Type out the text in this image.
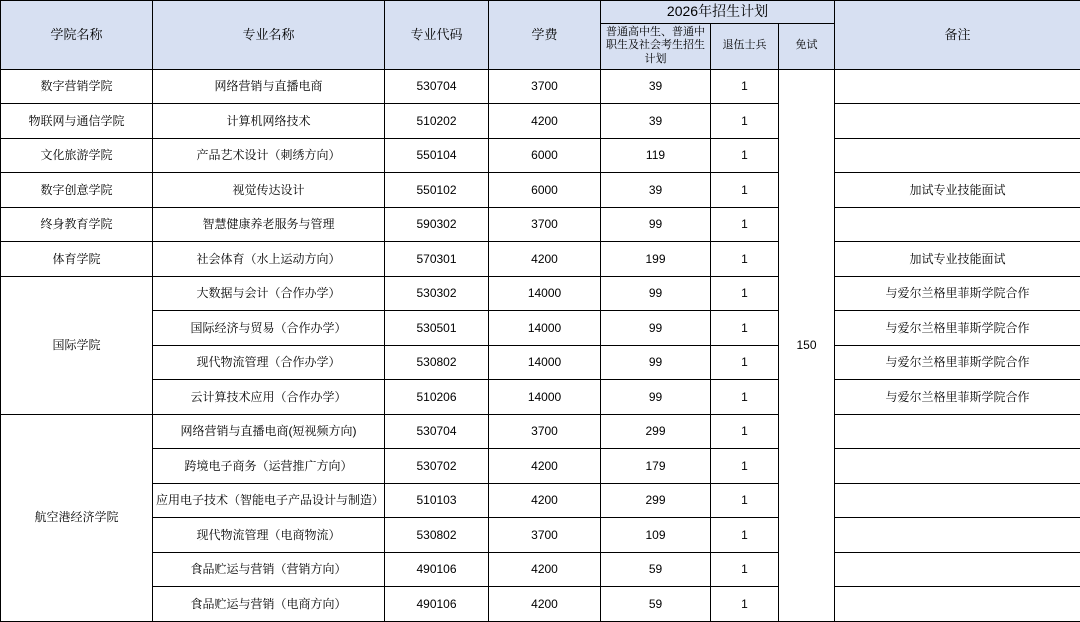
学院名称	专业名称	专业代码	学费	2026年招生计划			备注
				普通高中生、普通中职生及社会考生招生计划	退伍士兵	免试	
数字营销学院	网络营销与直播电商	530704	3700	39	1	150	
物联网与通信学院	计算机网络技术	510202	4200	39	1		
文化旅游学院	产品艺术设计（刺绣方向）	550104	6000	119	1		
数字创意学院	视觉传达设计	550102	6000	39	1		加试专业技能面试
终身教育学院	智慧健康养老服务与管理	590302	3700	99	1		
体育学院	社会体育（水上运动方向）	570301	4200	199	1		加试专业技能面试
国际学院	大数据与会计（合作办学）	530302	14000	99	1		与爱尔兰格里菲斯学院合作
	国际经济与贸易（合作办学）	530501	14000	99	1		与爱尔兰格里菲斯学院合作
	现代物流管理（合作办学）	530802	14000	99	1		与爱尔兰格里菲斯学院合作
	云计算技术应用（合作办学）	510206	14000	99	1		与爱尔兰格里菲斯学院合作
航空港经济学院	网络营销与直播电商(短视频方向)	530704	3700	299	1		
	跨境电子商务（运营推广方向）	530702	4200	179	1		
	应用电子技术（智能电子产品设计与制造）	510103	4200	299	1		
	现代物流管理（电商物流）	530802	3700	109	1		
	食品贮运与营销（营销方向）	490106	4200	59	1		
	食品贮运与营销（电商方向）	490106	4200	59	1		
